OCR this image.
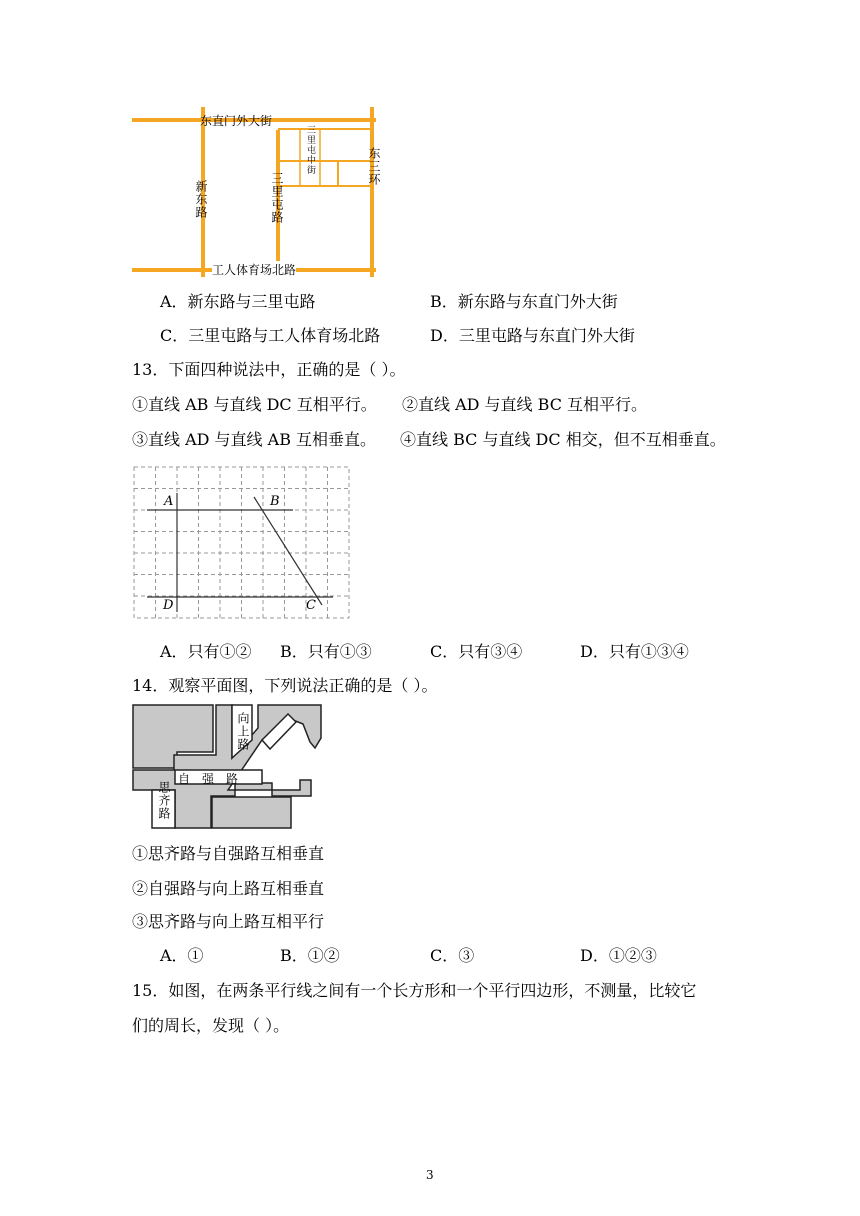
东直门外大街
新东路	三里屯路
三里屯中街	东三环
工人体育场北路
A．新东路与三里屯路	B．新东路与东直门外大街
C．三里屯路与工人体育场北路	D．三里屯路与东直门外大街
13．下面四种说法中，正确的是（ ）。
①直线 AB 与直线 DC 互相平行。 ②直线 AD 与直线 BC 互相平行。
③直线 AD 与直线 AB 互相垂直。 ④直线 BC 与直线 DC 相交，但不互相垂直。
A	B
D	C
A．只有①② B．只有①③	C．只有③④	D．只有①③④
14．观察平面图，下列说法正确的是（ ）。
向上路
自　强　路
思齐路
①思齐路与自强路互相垂直
②自强路与向上路互相垂直
③思齐路与向上路互相平行
A．①	B．①②	C．③	D．①②③
15．如图，在两条平行线之间有一个长方形和一个平行四边形，不测量，比较它
们的周长，发现（ ）。
3
